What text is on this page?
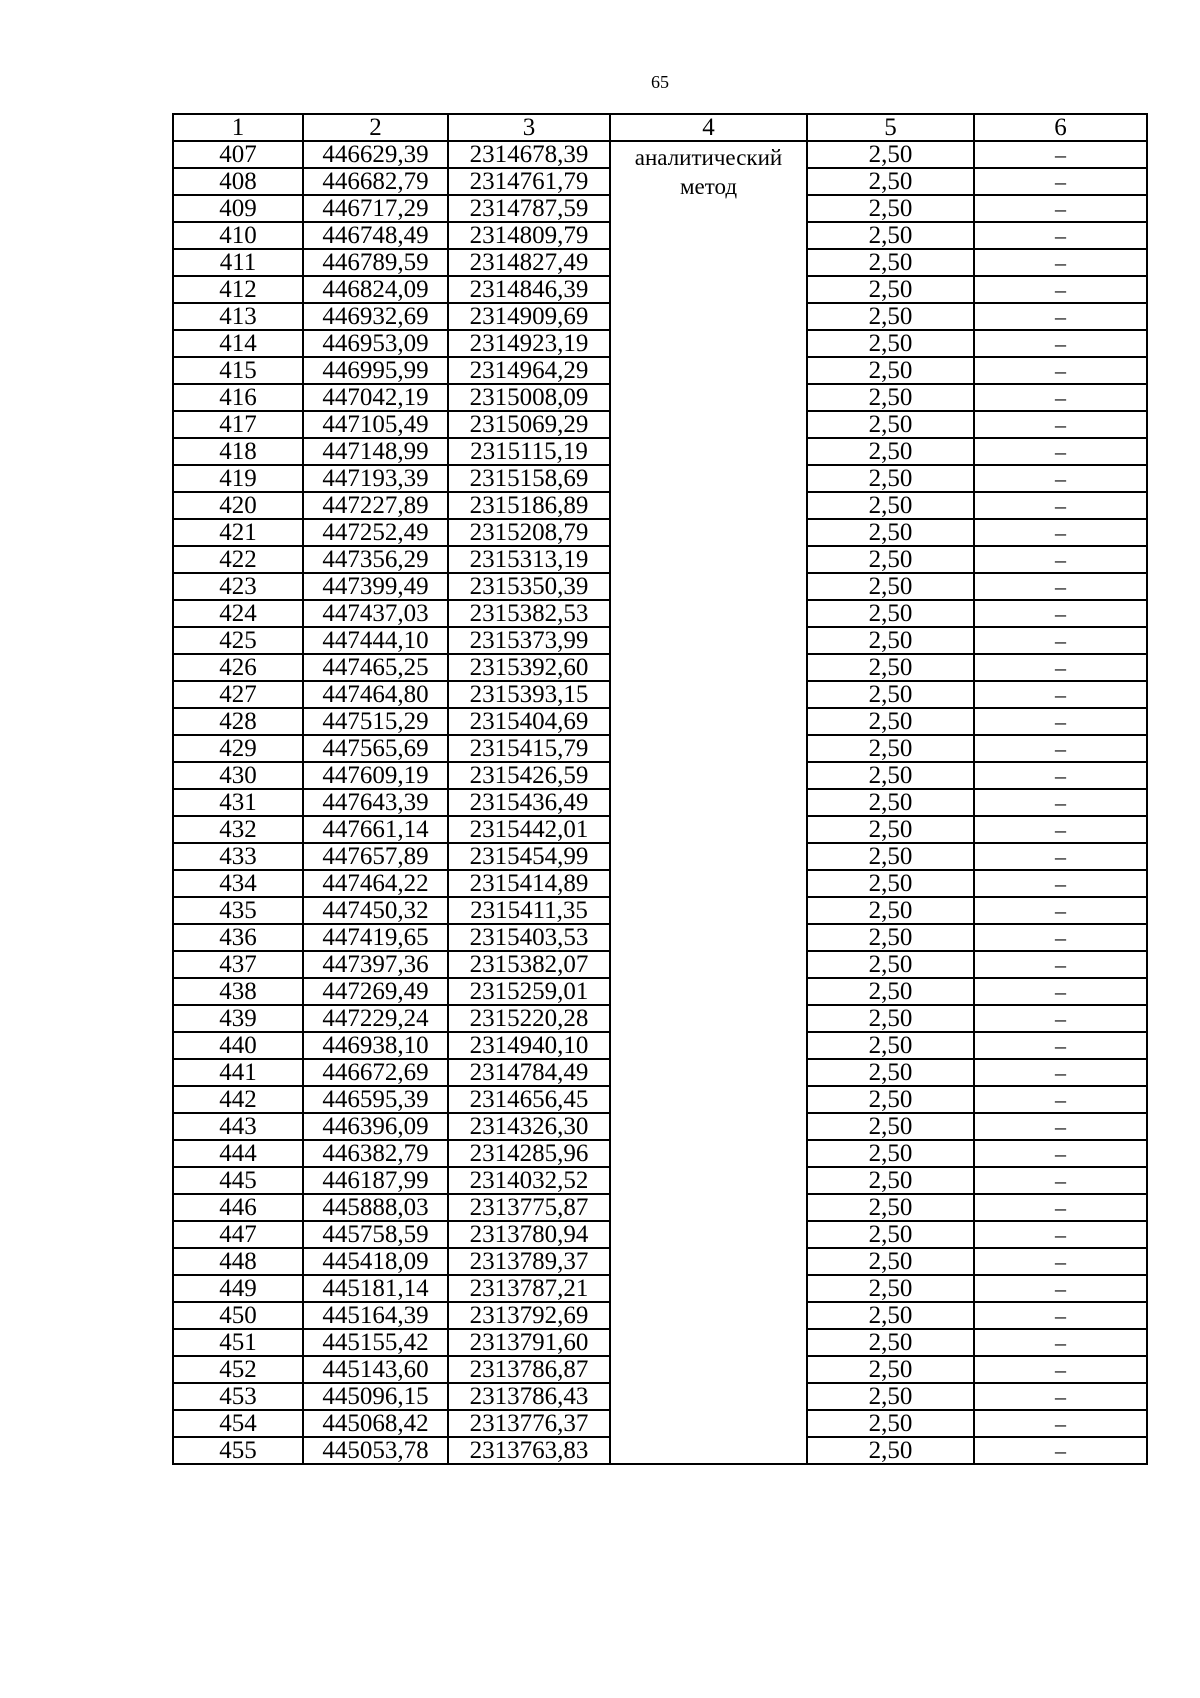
65
1	2	3	4	5	6
407	446629,39	2314678,39	аналитический метод	2,50	–
408	446682,79	2314761,79		2,50	–
409	446717,29	2314787,59		2,50	–
410	446748,49	2314809,79		2,50	–
411	446789,59	2314827,49		2,50	–
412	446824,09	2314846,39		2,50	–
413	446932,69	2314909,69		2,50	–
414	446953,09	2314923,19		2,50	–
415	446995,99	2314964,29		2,50	–
416	447042,19	2315008,09		2,50	–
417	447105,49	2315069,29		2,50	–
418	447148,99	2315115,19		2,50	–
419	447193,39	2315158,69		2,50	–
420	447227,89	2315186,89		2,50	–
421	447252,49	2315208,79		2,50	–
422	447356,29	2315313,19		2,50	–
423	447399,49	2315350,39		2,50	–
424	447437,03	2315382,53		2,50	–
425	447444,10	2315373,99		2,50	–
426	447465,25	2315392,60		2,50	–
427	447464,80	2315393,15		2,50	–
428	447515,29	2315404,69		2,50	–
429	447565,69	2315415,79		2,50	–
430	447609,19	2315426,59		2,50	–
431	447643,39	2315436,49		2,50	–
432	447661,14	2315442,01		2,50	–
433	447657,89	2315454,99		2,50	–
434	447464,22	2315414,89		2,50	–
435	447450,32	2315411,35		2,50	–
436	447419,65	2315403,53		2,50	–
437	447397,36	2315382,07		2,50	–
438	447269,49	2315259,01		2,50	–
439	447229,24	2315220,28		2,50	–
440	446938,10	2314940,10		2,50	–
441	446672,69	2314784,49		2,50	–
442	446595,39	2314656,45		2,50	–
443	446396,09	2314326,30		2,50	–
444	446382,79	2314285,96		2,50	–
445	446187,99	2314032,52		2,50	–
446	445888,03	2313775,87		2,50	–
447	445758,59	2313780,94		2,50	–
448	445418,09	2313789,37		2,50	–
449	445181,14	2313787,21		2,50	–
450	445164,39	2313792,69		2,50	–
451	445155,42	2313791,60		2,50	–
452	445143,60	2313786,87		2,50	–
453	445096,15	2313786,43		2,50	–
454	445068,42	2313776,37		2,50	–
455	445053,78	2313763,83		2,50	–
